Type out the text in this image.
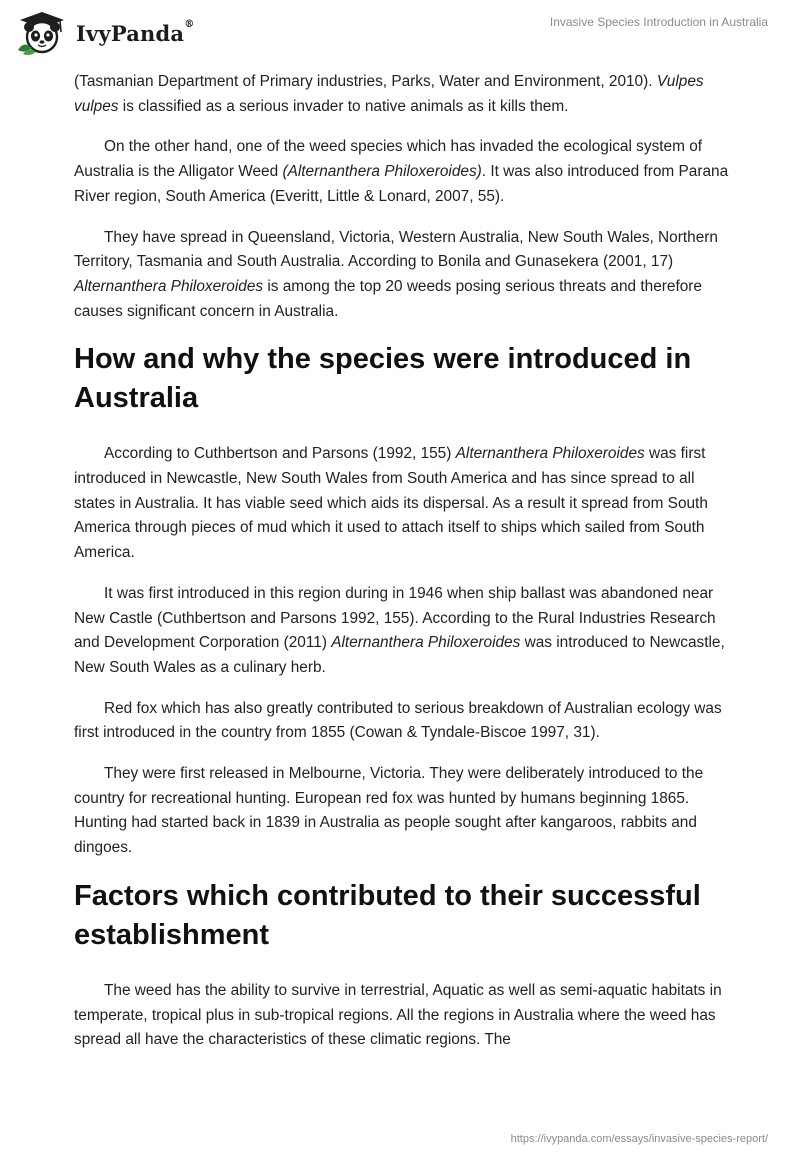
IvyPanda®	Invasive Species Introduction in Australia

(Tasmanian Department of Primary industries, Parks, Water and Environment, 2010). Vulpes vulpes is classified as a serious invader to native animals as it kills them.

On the other hand, one of the weed species which has invaded the ecological system of Australia is the Alligator Weed (Alternanthera Philoxeroides). It was also introduced from Parana River region, South America (Everitt, Little & Lonard, 2007, 55).

They have spread in Queensland, Victoria, Western Australia, New South Wales, Northern Territory, Tasmania and South Australia. According to Bonila and Gunasekera (2001, 17) Alternanthera Philoxeroides is among the top 20 weeds posing serious threats and therefore causes significant concern in Australia.

How and why the species were introduced in Australia

According to Cuthbertson and Parsons (1992, 155) Alternanthera Philoxeroides was first introduced in Newcastle, New South Wales from South America and has since spread to all states in Australia. It has viable seed which aids its dispersal. As a result it spread from South America through pieces of mud which it used to attach itself to ships which sailed from South America.

It was first introduced in this region during in 1946 when ship ballast was abandoned near New Castle (Cuthbertson and Parsons 1992, 155). According to the Rural Industries Research and Development Corporation (2011) Alternanthera Philoxeroides was introduced to Newcastle, New South Wales as a culinary herb.

Red fox which has also greatly contributed to serious breakdown of Australian ecology was first introduced in the country from 1855 (Cowan & Tyndale-Biscoe 1997, 31).

They were first released in Melbourne, Victoria. They were deliberately introduced to the country for recreational hunting. European red fox was hunted by humans beginning 1865. Hunting had started back in 1839 in Australia as people sought after kangaroos, rabbits and dingoes.

Factors which contributed to their successful establishment

The weed has the ability to survive in terrestrial, Aquatic as well as semi-aquatic habitats in temperate, tropical plus in sub-tropical regions. All the regions in Australia where the weed has spread all have the characteristics of these climatic regions. The

https://ivypanda.com/essays/invasive-species-report/
